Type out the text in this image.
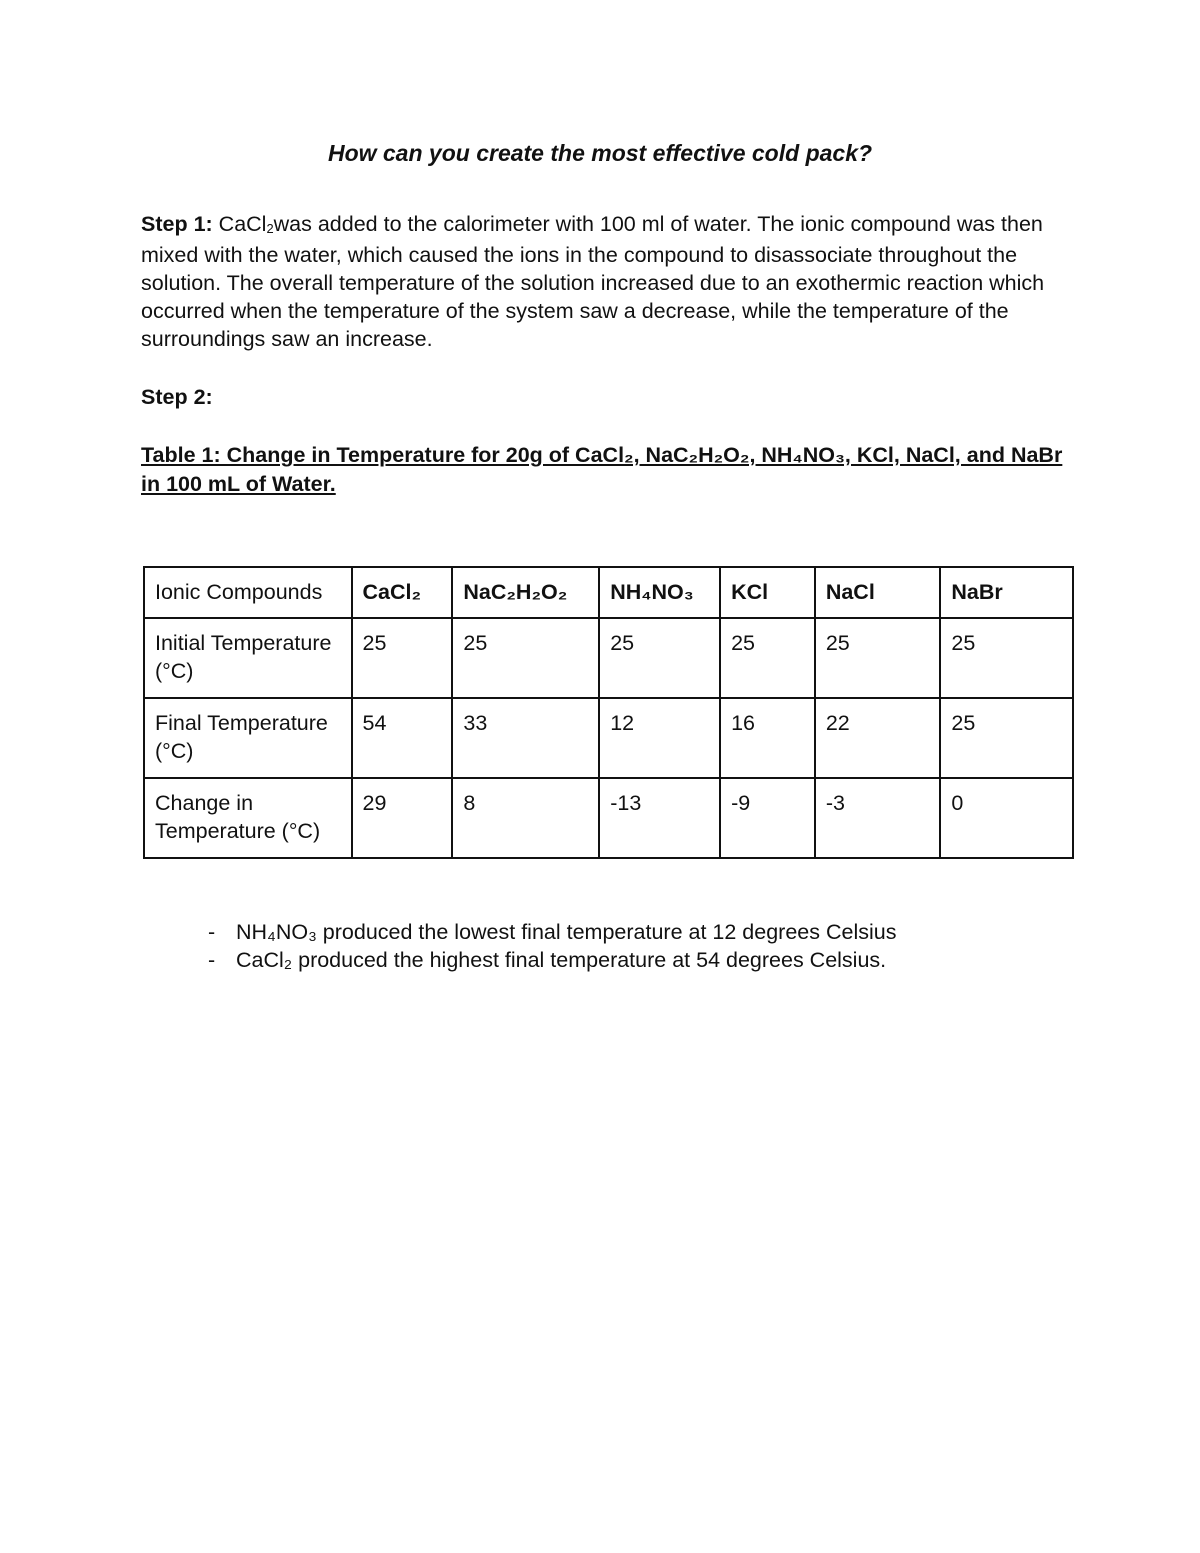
How can you create the most effective cold pack?
Step 1: CaCl$_2$was added to the calorimeter with 100 ml of water. The ionic compound was then mixed with the water, which caused the ions in the compound to disassociate throughout the solution. The overall temperature of the solution increased due to an exothermic reaction which occurred when the temperature of the system saw a decrease, while the temperature of the surroundings saw an increase.
Step 2:
Table 1: Change in Temperature for 20g of CaCl₂, NaC₂H₂O₂, NH₄NO₃, KCl, NaCl, and NaBr in 100 mL of Water.
Ionic Compounds	CaCl₂	NaC₂H₂O₂	NH₄NO₃	KCl	NaCl	NaBr
Initial Temperature (°C)	25	25	25	25	25	25
Final Temperature (°C)	54	33	12	16	22	25
Change in Temperature (°C)	29	8	-13	-9	-3	0
- NH₄NO₃ produced the lowest final temperature at 12 degrees Celsius
- CaCl₂ produced the highest final temperature at 54 degrees Celsius.
